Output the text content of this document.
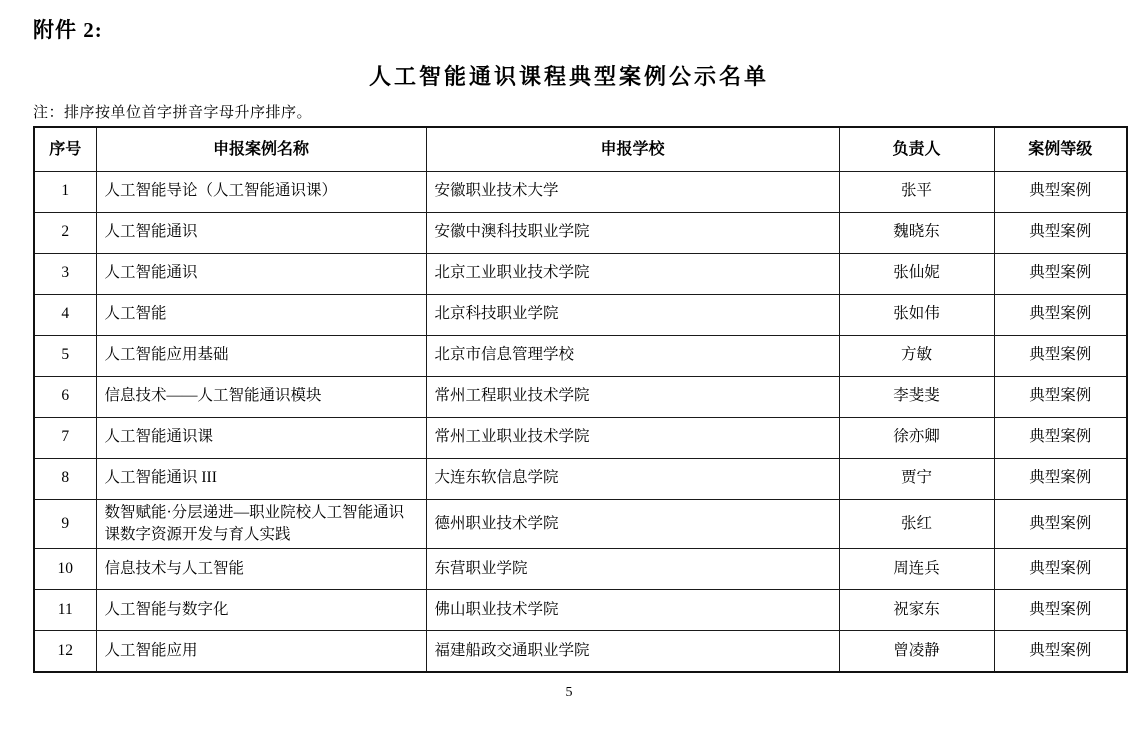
附件 2:
人工智能通识课程典型案例公示名单
注：排序按单位首字拼音字母升序排序。
序号	申报案例名称	申报学校	负责人	案例等级
1	人工智能导论（人工智能通识课）	安徽职业技术大学	张平	典型案例
2	人工智能通识	安徽中澳科技职业学院	魏晓东	典型案例
3	人工智能通识	北京工业职业技术学院	张仙妮	典型案例
4	人工智能	北京科技职业学院	张如伟	典型案例
5	人工智能应用基础	北京市信息管理学校	方敏	典型案例
6	信息技术——人工智能通识模块	常州工程职业技术学院	李斐斐	典型案例
7	人工智能通识课	常州工业职业技术学院	徐亦卿	典型案例
8	人工智能通识 III	大连东软信息学院	贾宁	典型案例
9	数智赋能·分层递进—职业院校人工智能通识课数字资源开发与育人实践	德州职业技术学院	张红	典型案例
10	信息技术与人工智能	东营职业学院	周连兵	典型案例
11	人工智能与数字化	佛山职业技术学院	祝家东	典型案例
12	人工智能应用	福建船政交通职业学院	曾凌静	典型案例
5
